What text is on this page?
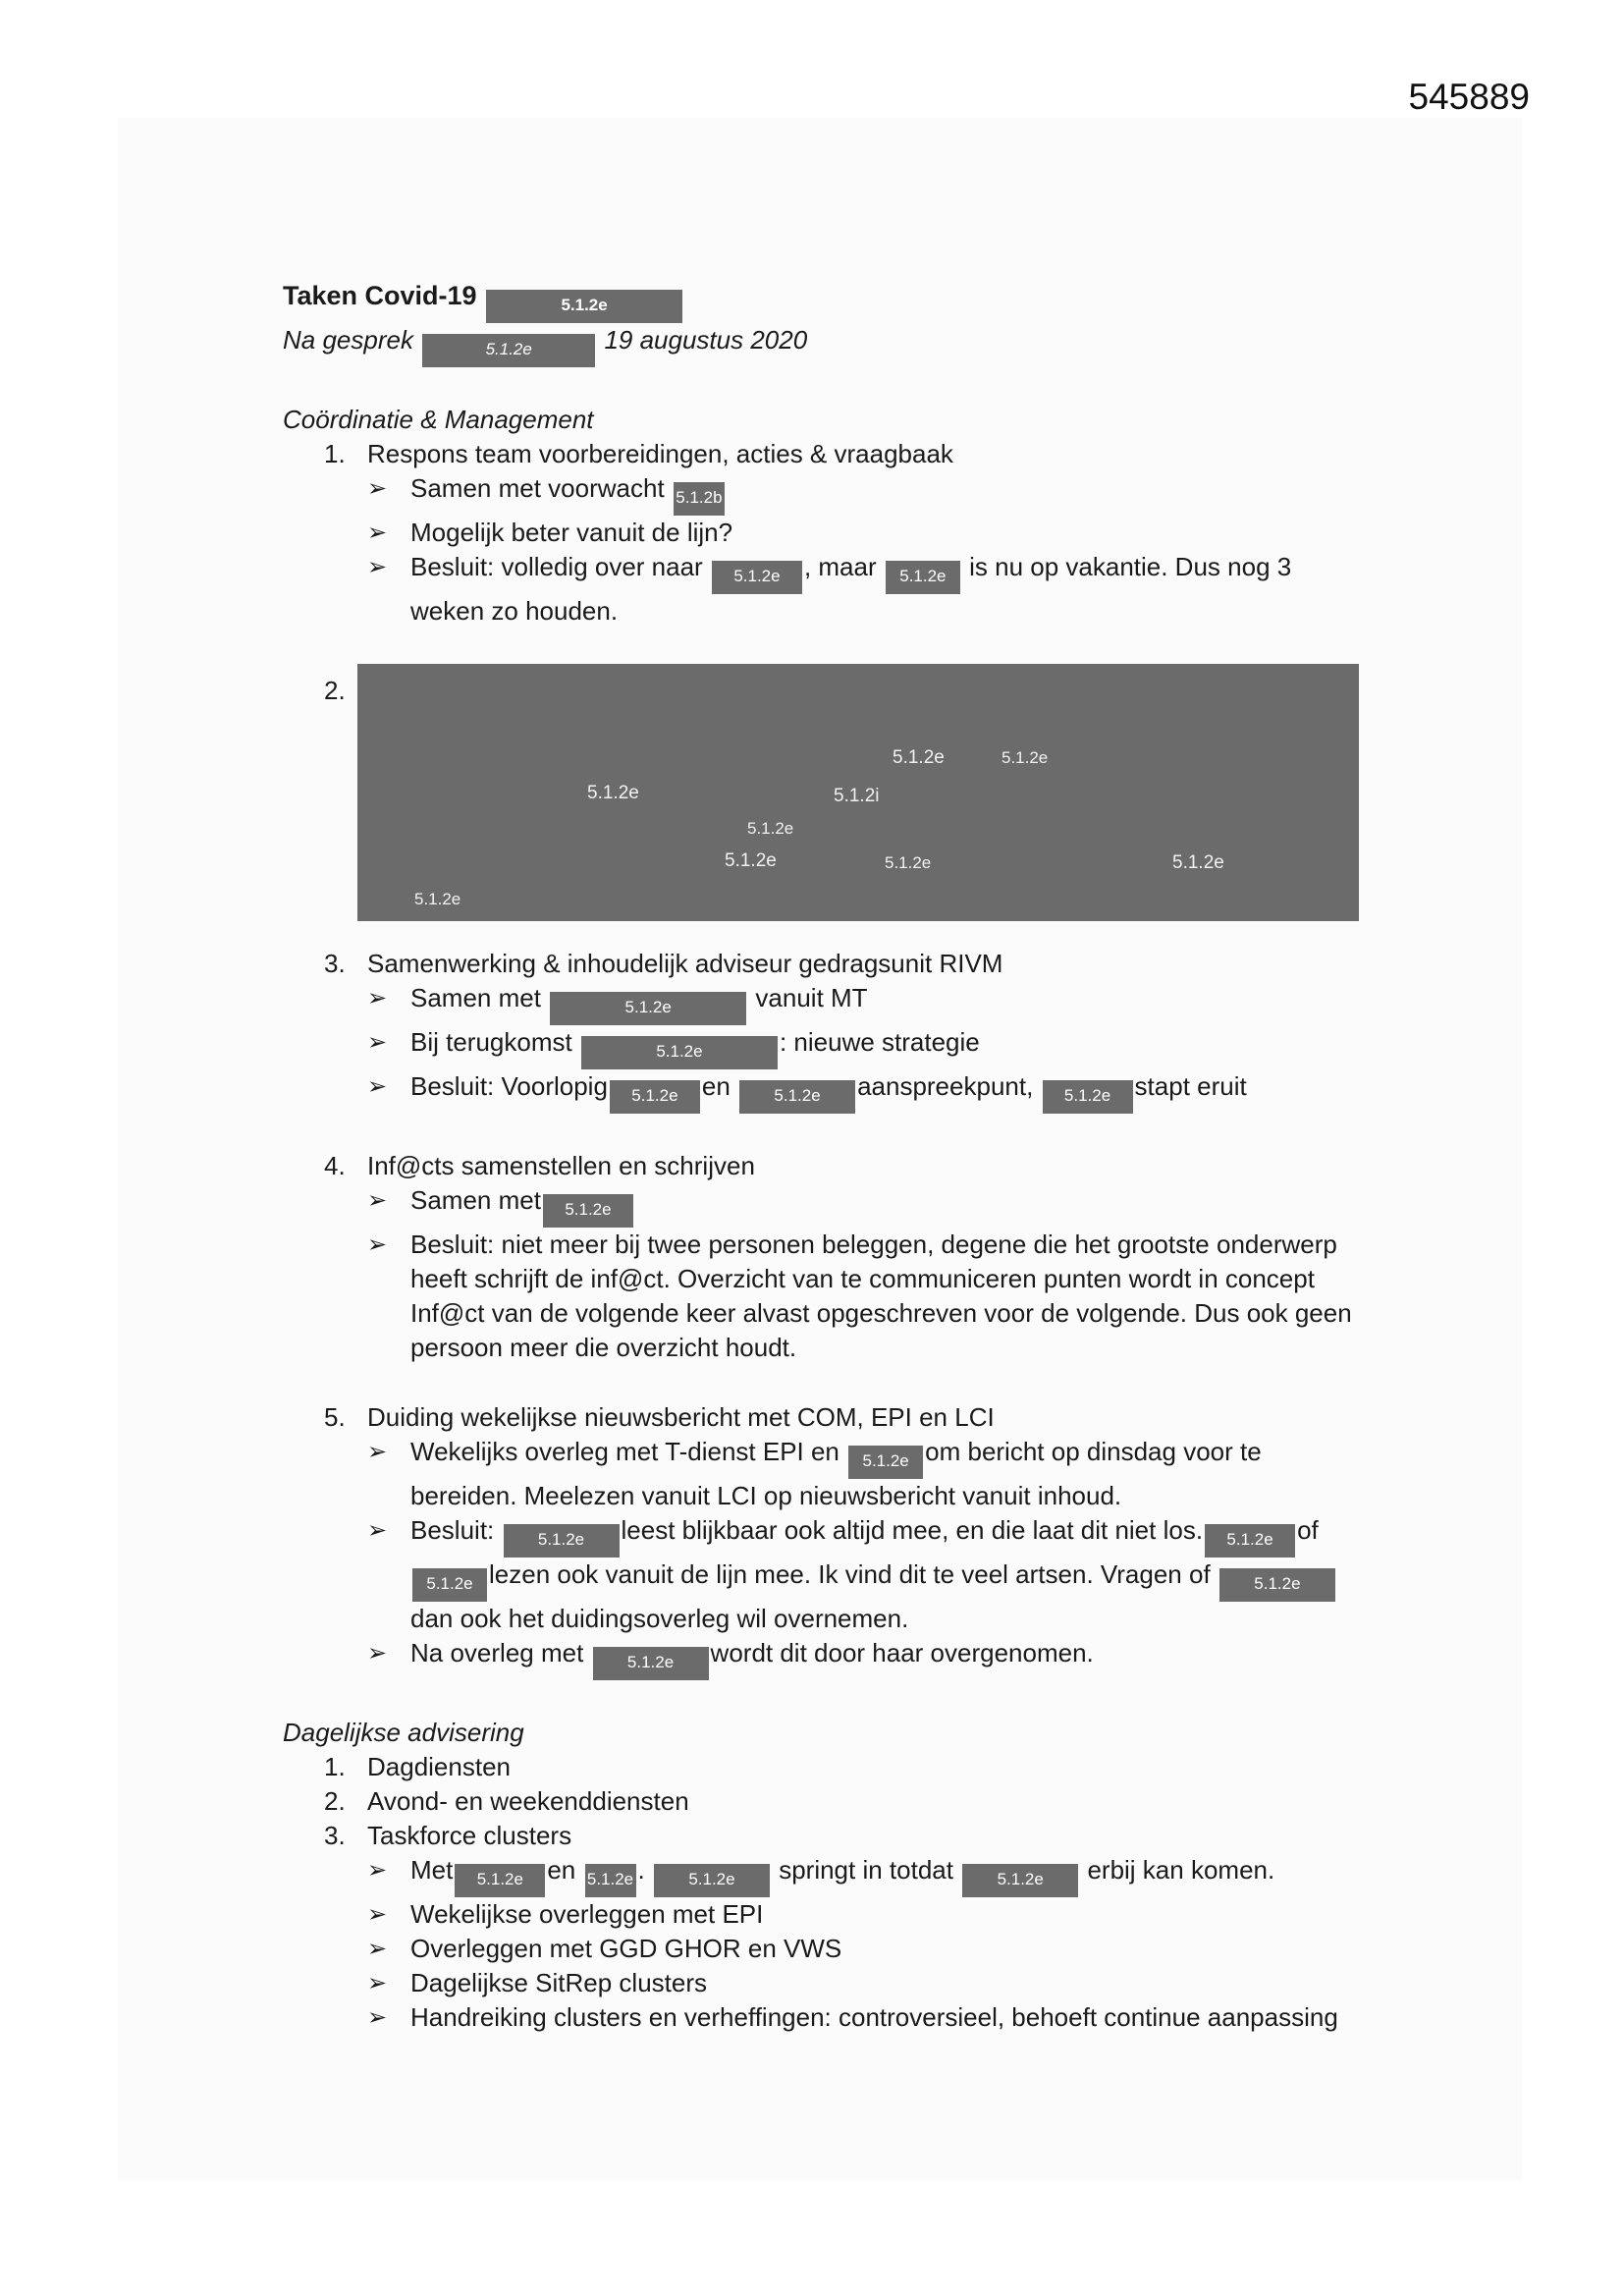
545889
Taken Covid-19	5.1.2e
Na gesprek	5.1.2e	19 augustus 2020
Coördinatie & Management
1. Respons team voorbereidingen, acties & vraagbaak
➢ Samen met voorwacht 5.1.2b
➢ Mogelijk beter vanuit de lijn?
➢ Besluit: volledig over naar 5.1.2e , maar 5.1.2e is nu op vakantie. Dus nog 3 weken zo houden.
2.
5.1.2e	5.1.2e
5.1.2e	5.1.2i
5.1.2e
5.1.2e	5.1.2e	5.1.2e
5.1.2e
3. Samenwerking & inhoudelijk adviseur gedragsunit RIVM
➢ Samen met	5.1.2e	vanuit MT
➢ Bij terugkomst	5.1.2e	: nieuwe strategie
➢ Besluit: Voorlopig 5.1.2e en	5.1.2e aanspreekpunt, 5.1.2e stapt eruit
4. Inf@cts samenstellen en schrijven
➢ Samen met 5.1.2e
➢ Besluit: niet meer bij twee personen beleggen, degene die het grootste onderwerp heeft schrijft de inf@ct. Overzicht van te communiceren punten wordt in concept Inf@ct van de volgende keer alvast opgeschreven voor de volgende. Dus ook geen persoon meer die overzicht houdt.
5. Duiding wekelijkse nieuwsbericht met COM, EPI en LCI
➢ Wekelijks overleg met T-dienst EPI en 5.1.2e om bericht op dinsdag voor te bereiden. Meelezen vanuit LCI op nieuwsbericht vanuit inhoud.
➢ Besluit:	5.1.2e leest blijkbaar ook altijd mee, en die laat dit niet los. 5.1.2e of 5.1.2e lezen ook vanuit de lijn mee. Ik vind dit te veel artsen. Vragen of	5.1.2e dan ook het duidingsoverleg wil overnemen.
➢ Na overleg met	5.1.2e wordt dit door haar overgenomen.
Dagelijkse advisering
1. Dagdiensten
2. Avond- en weekenddiensten
3. Taskforce clusters
➢ Met 5.1.2e en 5.1.2e .	5.1.2e springt in totdat	5.1.2e erbij kan komen.
➢ Wekelijkse overleggen met EPI
➢ Overleggen met GGD GHOR en VWS
➢ Dagelijkse SitRep clusters
➢ Handreiking clusters en verheffingen: controversieel, behoeft continue aanpassing
